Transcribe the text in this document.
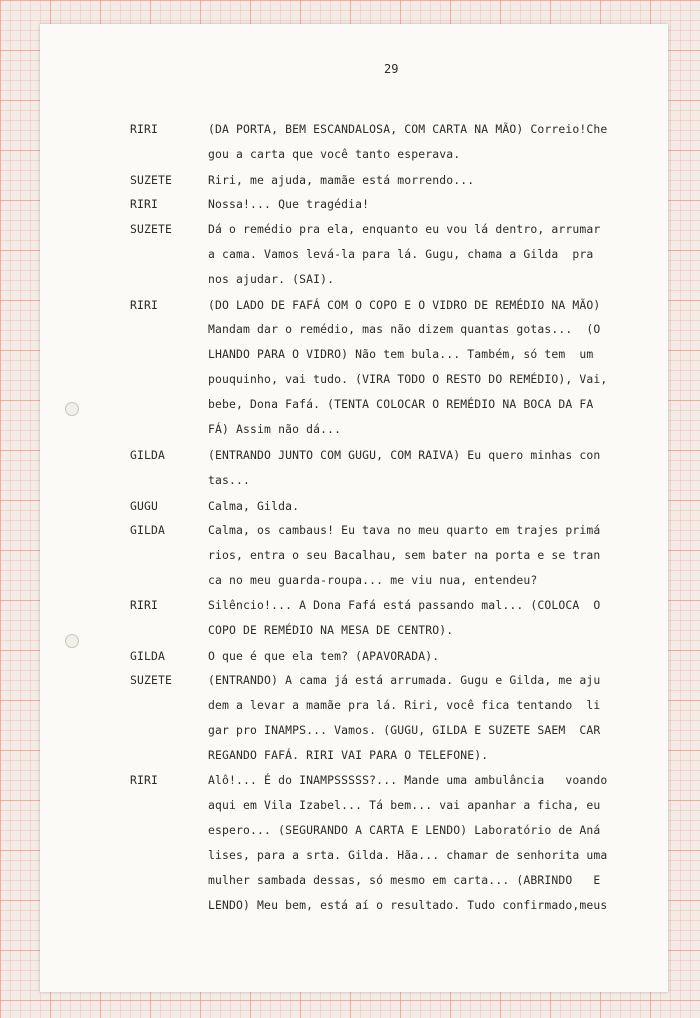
29
RIRI	(DA PORTA, BEM ESCANDALOSA, COM CARTA NA MÃO) Correio!Che
gou a carta que você tanto esperava.
SUZETE	Riri, me ajuda, mamãe está morrendo...
RIRI	Nossa!... Que tragédia!
SUZETE	Dá o remédio pra ela, enquanto eu vou lá dentro, arrumar
a cama. Vamos levá-la para lá. Gugu, chama a Gilda  pra
nos ajudar. (SAI).
RIRI	(DO LADO DE FAFÁ COM O COPO E O VIDRO DE REMÉDIO NA MÃO)
Mandam dar o remédio, mas não dizem quantas gotas...  (O
LHANDO PARA O VIDRO) Não tem bula... Também, só tem  um
pouquinho, vai tudo. (VIRA TODO O RESTO DO REMÉDIO), Vai,
bebe, Dona Fafá. (TENTA COLOCAR O REMÉDIO NA BOCA DA FA
FÁ) Assim não dá...
GILDA	(ENTRANDO JUNTO COM GUGU, COM RAIVA) Eu quero minhas con
tas...
GUGU	Calma, Gilda.
GILDA	Calma, os cambaus! Eu tava no meu quarto em trajes primá
rios, entra o seu Bacalhau, sem bater na porta e se tran
ca no meu guarda-roupa... me viu nua, entendeu?
RIRI	Silêncio!... A Dona Fafá está passando mal... (COLOCA  O
COPO DE REMÉDIO NA MESA DE CENTRO).
GILDA	O que é que ela tem? (APAVORADA).
SUZETE	(ENTRANDO) A cama já está arrumada. Gugu e Gilda, me aju
dem a levar a mamãe pra lá. Riri, você fica tentando  li
gar pro INAMPS... Vamos. (GUGU, GILDA E SUZETE SAEM  CAR
REGANDO FAFÁ. RIRI VAI PARA O TELEFONE).
RIRI	Alô!... É do INAMPSSSSS?... Mande uma ambulância   voando
aqui em Vila Izabel... Tá bem... vai apanhar a ficha, eu
espero... (SEGURANDO A CARTA E LENDO) Laboratório de Aná
lises, para a srta. Gilda. Hãa... chamar de senhorita uma
mulher sambada dessas, só mesmo em carta... (ABRINDO   E
LENDO) Meu bem, está aí o resultado. Tudo confirmado,meus
